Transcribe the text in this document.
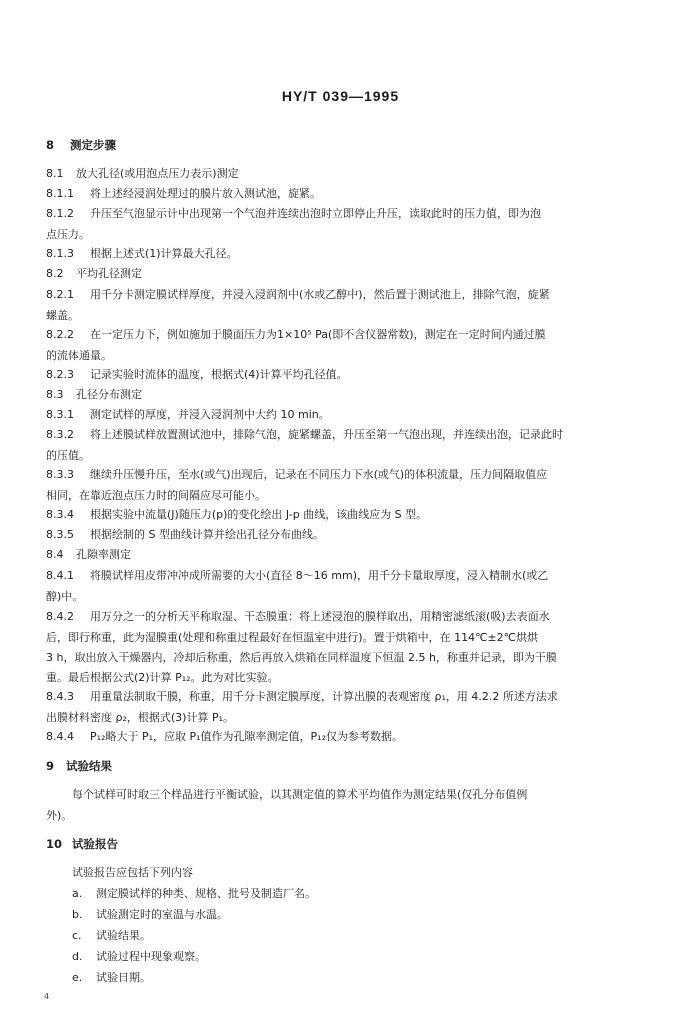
HY/T 039—1995
8 测定步骤
8.1 放大孔径(或用泡点压力表示)测定
8.1.1 将上述经浸润处理过的膜片放入测试池，旋紧。
8.1.2 升压至气泡显示计中出现第一个气泡并连续出泡时立即停止升压，读取此时的压力值，即为泡
点压力。
8.1.3 根据上述式(1)计算最大孔径。
8.2 平均孔径测定
8.2.1 用千分卡测定膜试样厚度，并浸入浸润剂中(水或乙醇中)，然后置于测试池上，排除气泡，旋紧
螺盖。
8.2.2 在一定压力下，例如施加于膜面压力为1×10⁵ Pa(即不含仪器常数)，测定在一定时间内通过膜
的流体通量。
8.2.3 记录实验时流体的温度，根据式(4)计算平均孔径值。
8.3 孔径分布测定
8.3.1 测定试样的厚度，并浸入浸润剂中大约 10 min。
8.3.2 将上述膜试样放置测试池中，排除气泡，旋紧螺盖，升压至第一气泡出现，并连续出泡，记录此时
的压值。
8.3.3 继续升压慢升压，至水(或气)出现后，记录在不同压力下水(或气)的体积流量，压力间隔取值应
相同，在靠近泡点压力时的间隔应尽可能小。
8.3.4 根据实验中流量(J)随压力(p)的变化绘出 J-p 曲线，该曲线应为 S 型。
8.3.5 根据绘制的 S 型曲线计算并绘出孔径分布曲线。
8.4 孔隙率测定
8.4.1 将膜试样用皮带冲冲成所需要的大小(直径 8～16 mm)，用千分卡量取厚度，浸入精制水(或乙
醇)中。
8.4.2 用万分之一的分析天平称取湿、干态膜重：将上述浸泡的膜样取出，用精密滤纸滚(吸)去表面水
后，即行称重，此为湿膜重(处理和称重过程最好在恒温室中进行)。置于烘箱中，在 114℃±2℃烘烘
3 h，取出放入干燥器内，冷却后称重，然后再放入烘箱在同样温度下恒温 2.5 h，称重并记录，即为干膜
重。最后根据公式(2)计算 P₁₂。此为对比实验。
8.4.3 用重量法制取干膜，称重，用千分卡测定膜厚度，计算出膜的表观密度 ρ₁，用 4.2.2 所述方法求
出膜材料密度 ρ₂，根据式(3)计算 P₁。
8.4.4 P₁₂略大于 P₁，应取 P₁值作为孔隙率测定值，P₁₂仅为参考数据。
9 试验结果
每个试样可时取三个样品进行平衡试验，以其测定值的算术平均值作为测定结果(仅孔分布值例
外)。
10 试验报告
试验报告应包括下列内容
a. 测定膜试样的种类、规格、批号及制造厂名。
b. 试验测定时的室温与水温。
c. 试验结果。
d. 试验过程中现象观察。
e. 试验日期。
4
